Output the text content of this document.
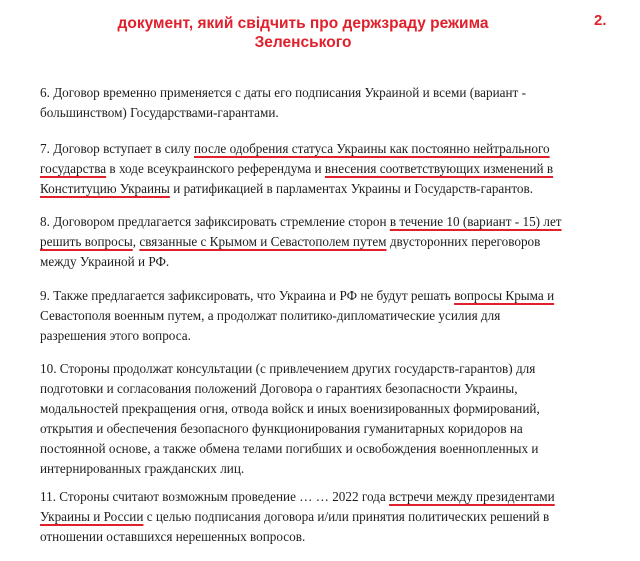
документ, який свідчить про держзраду режима
Зеленського
2.
6. Договор временно применяется с даты его подписания Украиной и всеми (вариант -
большинством) Государствами-гарантами.
7. Договор вступает в силу после одобрения статуса Украины как постоянно нейтрального
государства в ходе всеукраинского референдума и внесения соответствующих изменений в
Конституцию Украины и ратификацией в парламентах Украины и Государств-гарантов.
8. Договором предлагается зафиксировать стремление сторон в течение 10 (вариант - 15) лет
решить вопросы, связанные с Крымом и Севастополем путем двусторонних переговоров
между Украиной и РФ.
9. Также предлагается зафиксировать, что Украина и РФ не будут решать вопросы Крыма и
Севастополя военным путем, а продолжат политико-дипломатические усилия для
разрешения этого вопроса.
10. Стороны продолжат консультации (с привлечением других государств-гарантов) для
подготовки и согласования положений Договора о гарантиях безопасности Украины,
модальностей прекращения огня, отвода войск и иных военизированных формирований,
открытия и обеспечения безопасного функционирования гуманитарных коридоров на
постоянной основе, а также обмена телами погибших и освобождения военнопленных и
интернированных гражданских лиц.
11. Стороны считают возможным проведение … … 2022 года встречи между президентами
Украины и России с целью подписания договора и/или принятия политических решений в
отношении оставшихся нерешенных вопросов.
